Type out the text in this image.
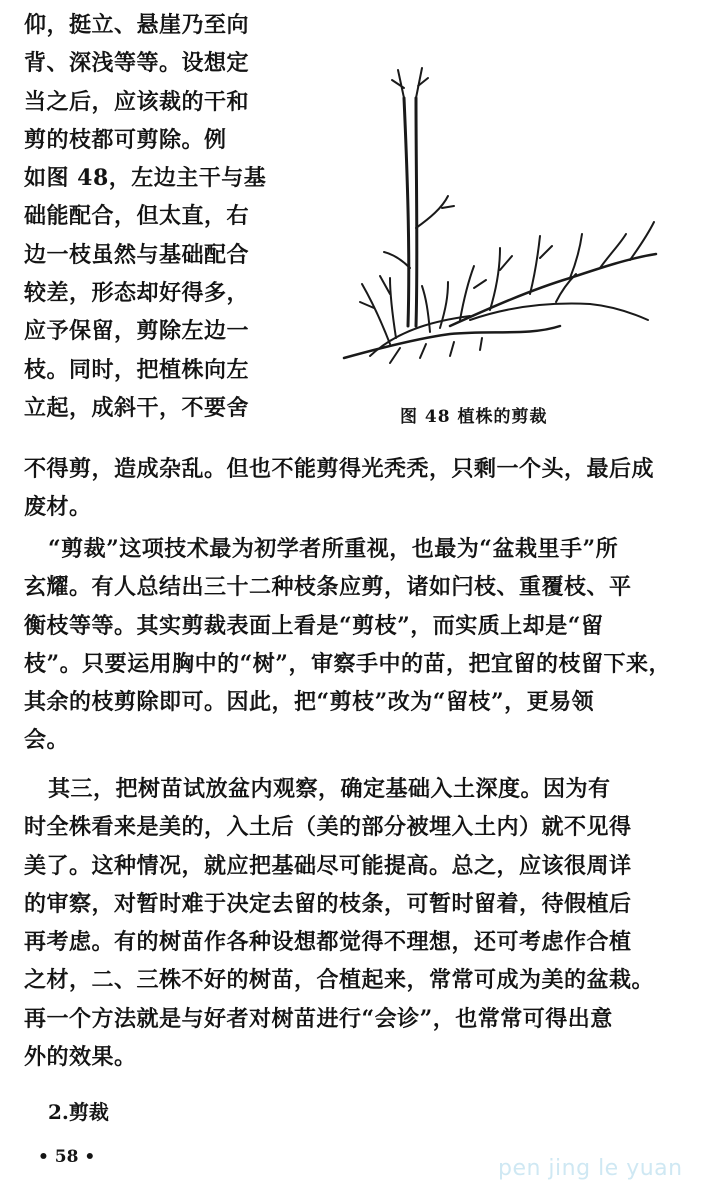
仰，挺立、悬崖乃至向
背、深浅等等。设想定
当之后，应该裁的干和
剪的枝都可剪除。例
如图 48，左边主干与基
础能配合，但太直，右
边一枝虽然与基础配合
较差，形态却好得多，
应予保留，剪除左边一
枝。同时，把植株向左
立起，成斜干，不要舍	图 48 植株的剪裁
不得剪，造成杂乱。但也不能剪得光秃秃，只剩一个头，最后成
废材。
“剪裁”这项技术最为初学者所重视，也最为“盆栽里手”所
玄耀。有人总结出三十二种枝条应剪，诸如闩枝、重覆枝、平
衡枝等等。其实剪裁表面上看是“剪枝”，而实质上却是“留
枝”。只要运用胸中的“树”，审察手中的苗，把宜留的枝留下来，
其余的枝剪除即可。因此，把“剪枝”改为“留枝”，更易领
会。
其三，把树苗试放盆内观察，确定基础入土深度。因为有
时全株看来是美的，入土后（美的部分被埋入土内）就不见得
美了。这种情况，就应把基础尽可能提高。总之，应该很周详
的审察，对暂时难于决定去留的枝条，可暂时留着，待假植后
再考虑。有的树苗作各种设想都觉得不理想，还可考虑作合植
之材，二、三株不好的树苗，合植起来，常常可成为美的盆栽。
再一个方法就是与好者对树苗进行“会诊”，也常常可得出意
外的效果。
2.剪裁
• 58 •	pen jing le yuan
